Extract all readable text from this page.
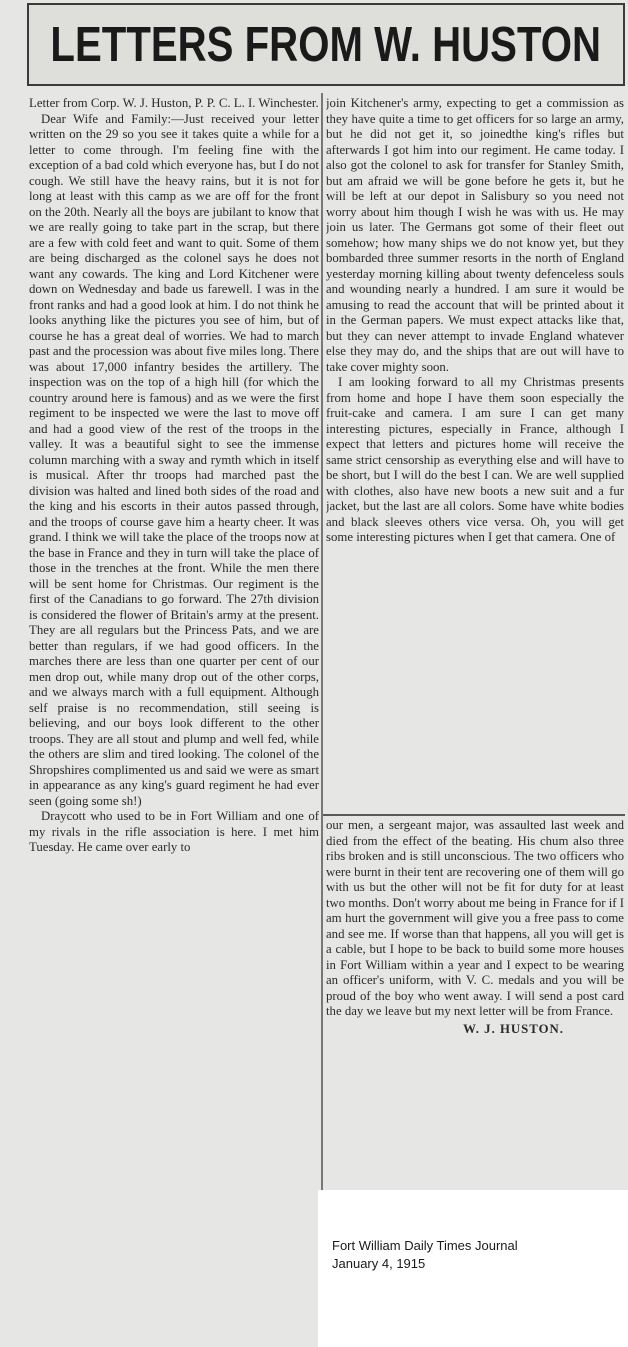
LETTERS FROM W. HUSTON

Letter from Corp. W. J. Huston, P. P. C. L. I. Winchester.

Dear Wife and Family:—Just received your letter written on the 29 so you see it takes quite a while for a letter to come through. I'm feeling fine with the exception of a bad cold which everyone has, but I do not cough. We still have the heavy rains, but it is not for long at least with this camp as we are off for the front on the 20th. Nearly all the boys are jubilant to know that we are really going to take part in the scrap, but there are a few with cold feet and want to quit. Some of them are being discharged as the colonel says he does not want any cowards. The king and Lord Kitchener were down on Wednesday and bade us farewell. I was in the front ranks and had a good look at him. I do not think he looks anything like the pictures you see of him, but of course he has a great deal of worries. We had to march past and the procession was about five miles long. There was about 17,000 infantry besides the artillery. The inspection was on the top of a high hill (for which the country around here is famous) and as we were the first regiment to be inspected we were the last to move off and had a good view of the rest of the troops in the valley. It was a beautiful sight to see the immense column marching with a sway and rymth which in itself is musical. After thr troops had marched past the division was halted and lined both sides of the road and the king and his escorts in their autos passed through, and the troops of course gave him a hearty cheer. It was grand. I think we will take the place of the troops now at the base in France and they in turn will take the place of those in the trenches at the front. While the men there will be sent home for Christmas. Our regiment is the first of the Canadians to go forward. The 27th division is considered the flower of Britain's army at the present. They are all regulars but the Princess Pats, and we are better than regulars, if we had good officers. In the marches there are less than one quarter per cent of our men drop out, while many drop out of the other corps, and we always march with a full equipment. Although self praise is no recommendation, still seeing is believing, and our boys look different to the other troops. They are all stout and plump and well fed, while the others are slim and tired looking. The colonel of the Shropshires complimented us and said we were as smart in appearance as any king's guard regiment he had ever seen (going some sh!)

Draycott who used to be in Fort William and one of my rivals in the rifle association is here. I met him Tuesday. He came over early to

join Kitchener's army, expecting to get a commission as they have quite a time to get officers for so large an army, but he did not get it, so joinedthe king's rifles but afterwards I got him into our regiment. He came today. I also got the colonel to ask for transfer for Stanley Smith, but am afraid we will be gone before he gets it, but he will be left at our depot in Salisbury so you need not worry about him though I wish he was with us. He may join us later. The Germans got some of their fleet out somehow; how many ships we do not know yet, but they bombarded three summer resorts in the north of England yesterday morning killing about twenty defenceless souls and wounding nearly a hundred. I am sure it would be amusing to read the account that will be printed about it in the German papers. We must expect attacks like that, but they can never attempt to invade England whatever else they may do, and the ships that are out will have to take cover mighty soon.

I am looking forward to all my Christmas presents from home and hope I have them soon especially the fruit-cake and camera. I am sure I can get many interesting pictures, especially in France, although I expect that letters and pictures home will receive the same strict censorship as everything else and will have to be short, but I will do the best I can. We are well supplied with clothes, also have new boots a new suit and a fur jacket, but the last are all colors. Some have white bodies and black sleeves others vice versa. Oh, you will get some interesting pictures when I get that camera. One of

our men, a sergeant major, was assaulted last week and died from the effect of the beating. His chum also three ribs broken and is still unconscious. The two officers who were burnt in their tent are recovering one of them will go with us but the other will not be fit for duty for at least two months. Don't worry about me being in France for if I am hurt the government will give you a free pass to come and see me. If worse than that happens, all you will get is a cable, but I hope to be back to build some more houses in Fort William within a year and I expect to be wearing an officer's uniform, with V. C. medals and you will be proud of the boy who went away. I will send a post card the day we leave but my next letter will be from France.

W. J. HUSTON.

Fort William Daily Times Journal
January 4, 1915
